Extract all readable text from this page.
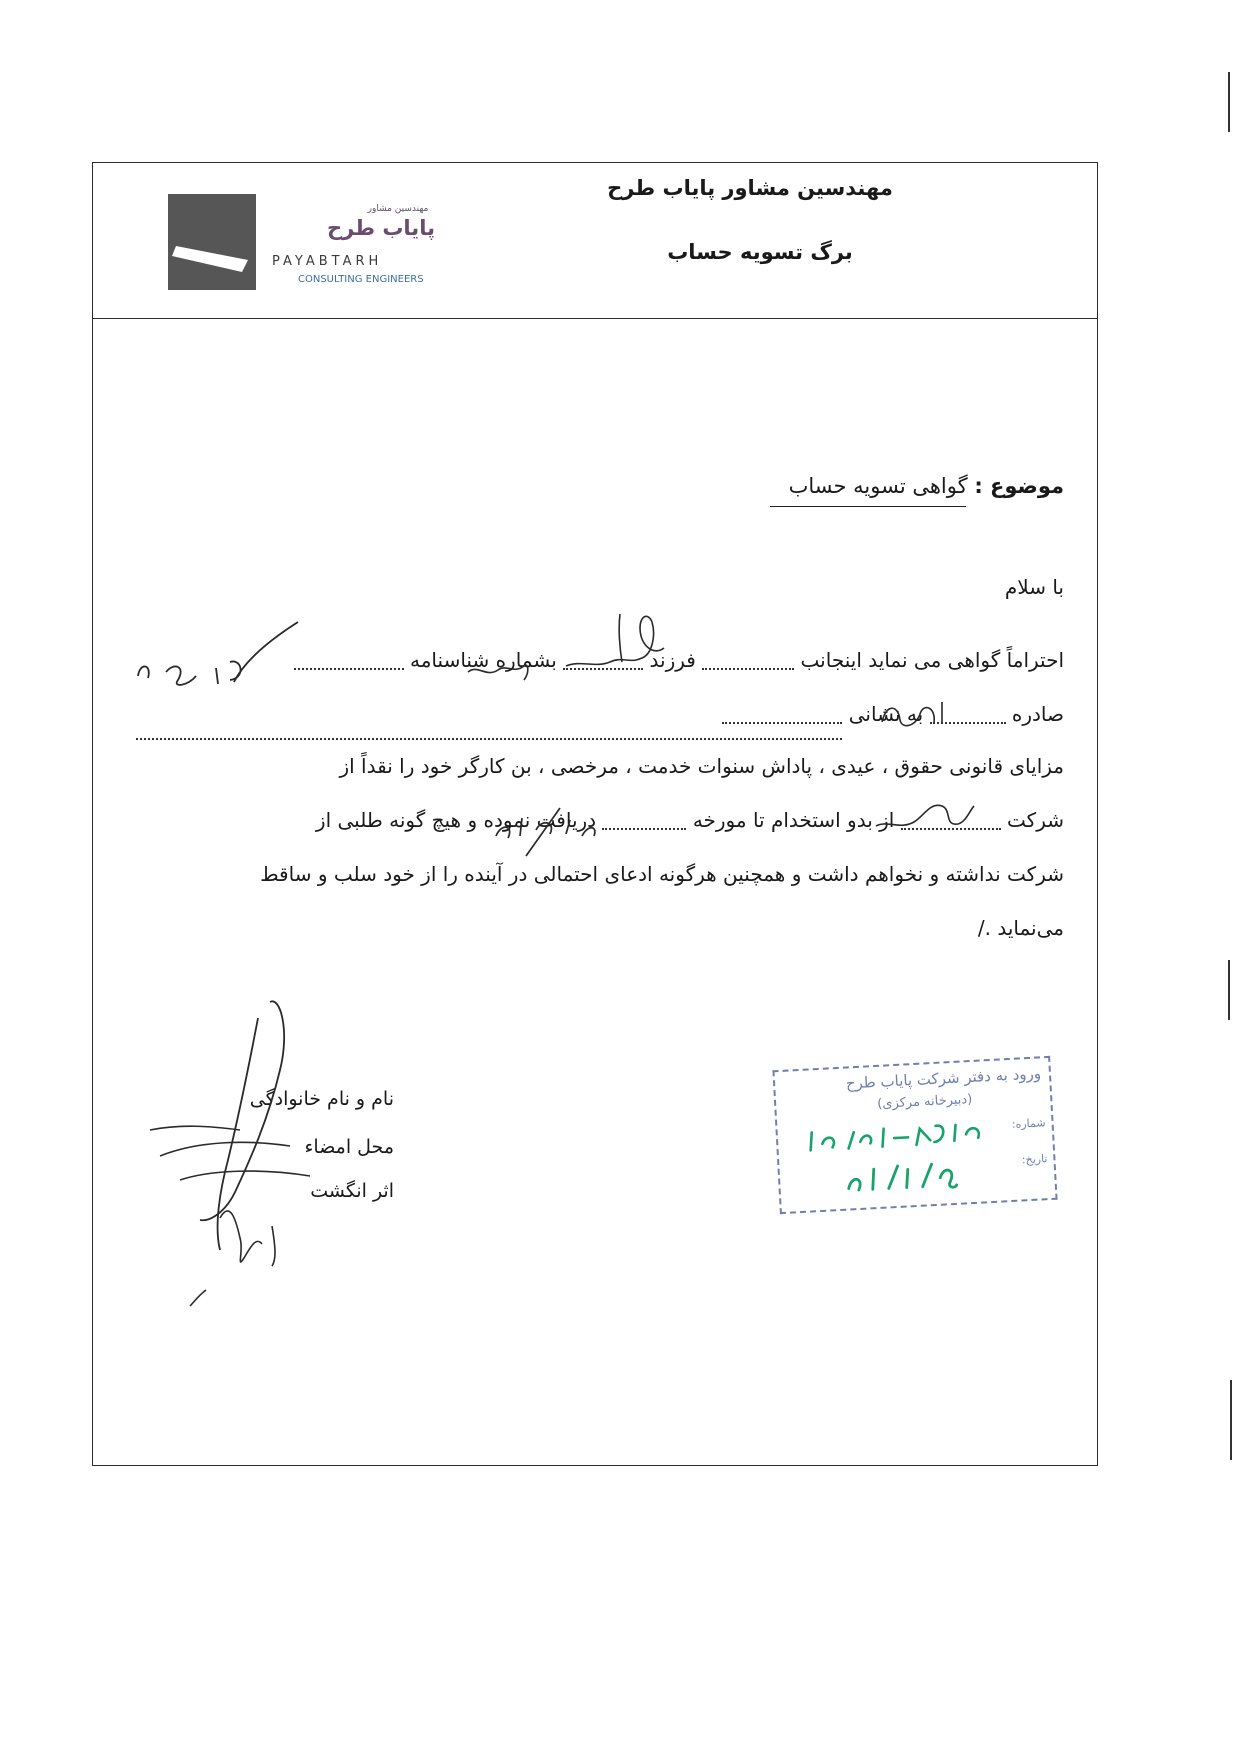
مهندسین مشاور پایاب طرح
برگ تسویه حساب
مهندسین مشاور
پایاب طرح
PAYABTARH
CONSULTING ENGINEERS
موضوع : گواهی تسویه حساب
با سلام
احتراماً گواهی می نماید اینجانب  فرزند  بشماره شناسنامه
صادره  به نشانی
مزایای قانونی حقوق ، عیدی ، پاداش سنوات خدمت ، مرخصی ، بن کارگر خود را نقداً از
شرکت  از بدو استخدام تا مورخه  دریافت نموده و هیچ گونه طلبی از
شرکت نداشته و نخواهم داشت و همچنین هرگونه ادعای احتمالی در آینده را از خود سلب و ساقط
می‌نماید ./
نام و نام خانوادگی
محل امضاء
اثر انگشت
ورود به دفتر شرکت پایاب طرح
(دبیرخانه مرکزی)
شماره:
تاریخ:
